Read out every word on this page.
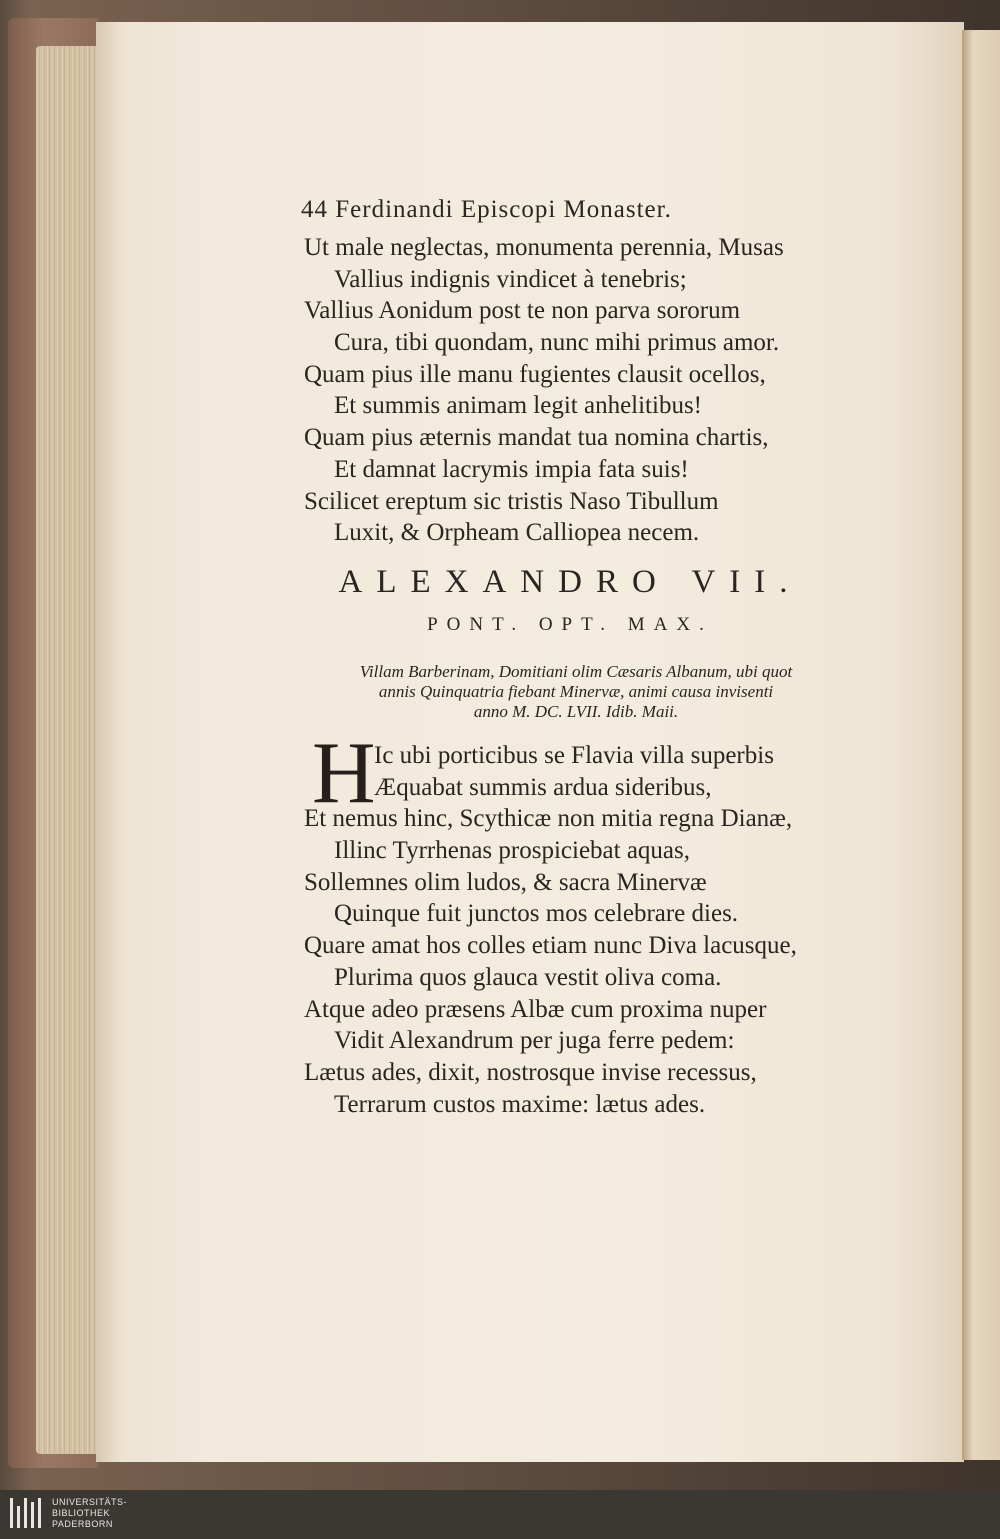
44 Ferdinandi Episcopi Monaster.
Ut male neglectas, monumenta perennia, Musas
Vallius indignis vindicet à tenebris;
Vallius Aonidum post te non parva sororum
Cura, tibi quondam, nunc mihi primus amor.
Quam pius ille manu fugientes clausit ocellos,
Et summis animam legit anhelitibus!
Quam pius æternis mandat tua nomina chartis,
Et damnat lacrymis impia fata suis!
Scilicet ereptum sic tristis Naso Tibullum
Luxit, & Orpheam Calliopea necem.
ALEXANDRO VII.
PONT. OPT. MAX.
Villam Barberinam, Domitiani olim Cæsaris Albanum, ubi quot
annis Quinquatria fiebant Minervæ, animi causa invisenti
anno M. DC. LVII. Idib. Maii.
H
Ic ubi porticibus se Flavia villa superbis
Æquabat summis ardua sideribus,
Et nemus hinc, Scythicæ non mitia regna Dianæ,
Illinc Tyrrhenas prospiciebat aquas,
Sollemnes olim ludos, & sacra Minervæ
Quinque fuit junctos mos celebrare dies.
Quare amat hos colles etiam nunc Diva lacusque,
Plurima quos glauca vestit oliva coma.
Atque adeo præsens Albæ cum proxima nuper
Vidit Alexandrum per juga ferre pedem:
Lætus ades, dixit, nostrosque invise recessus,
Terrarum custos maxime: lætus ades.
UNIVERSITÄTS-
BIBLIOTHEK
PADERBORN
